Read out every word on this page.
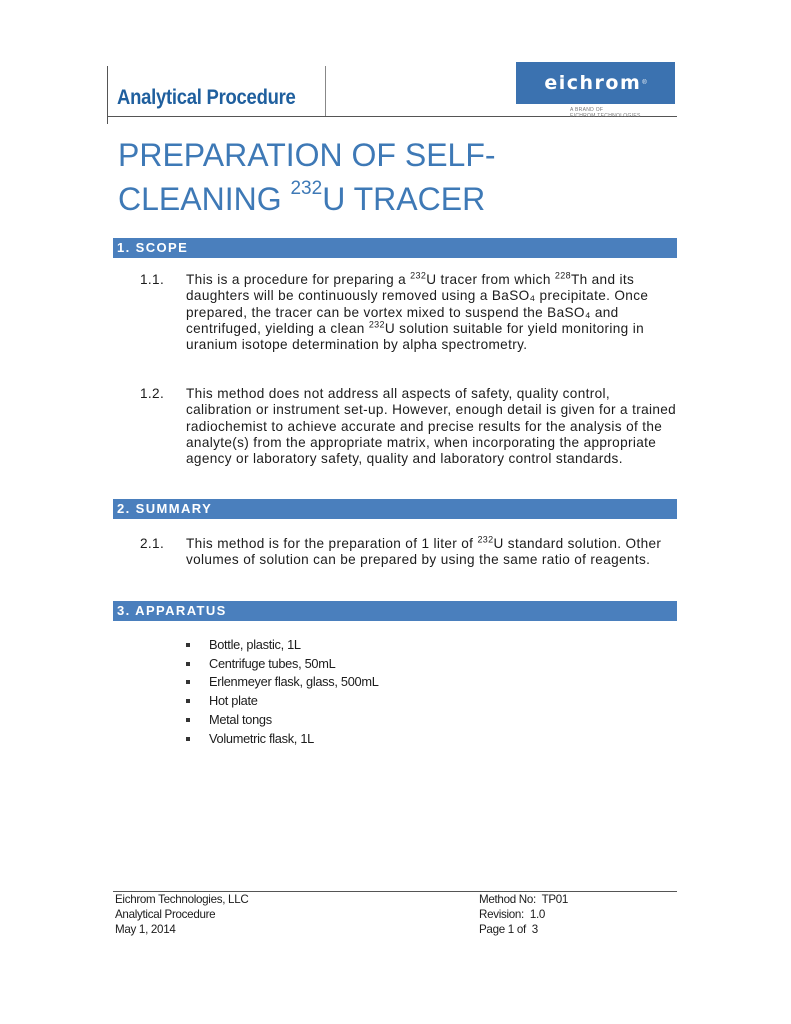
Analytical Procedure
eichrom ®
A BRAND OF
EICHROM TECHNOLOGIES
PREPARATION OF SELF-
CLEANING $^{232}$U TRACER
1. SCOPE
1.1. This is a procedure for preparing a $^{232}$U tracer from which $^{228}$Th and its daughters will be continuously removed using a BaSO₄ precipitate. Once prepared, the tracer can be vortex mixed to suspend the BaSO₄ and centrifuged, yielding a clean $^{232}$U solution suitable for yield monitoring in uranium isotope determination by alpha spectrometry.
1.2. This method does not address all aspects of safety, quality control, calibration or instrument set-up. However, enough detail is given for a trained radiochemist to achieve accurate and precise results for the analysis of the analyte(s) from the appropriate matrix, when incorporating the appropriate agency or laboratory safety, quality and laboratory control standards.
2. SUMMARY
2.1. This method is for the preparation of 1 liter of $^{232}$U standard solution. Other volumes of solution can be prepared by using the same ratio of reagents.
3. APPARATUS
Bottle, plastic, 1L
Centrifuge tubes, 50mL
Erlenmeyer flask, glass, 500mL
Hot plate
Metal tongs
Volumetric flask, 1L
Eichrom Technologies, LLC
Analytical Procedure
May 1, 2014
Method No:  TP01
Revision:  1.0
Page 1 of  3
